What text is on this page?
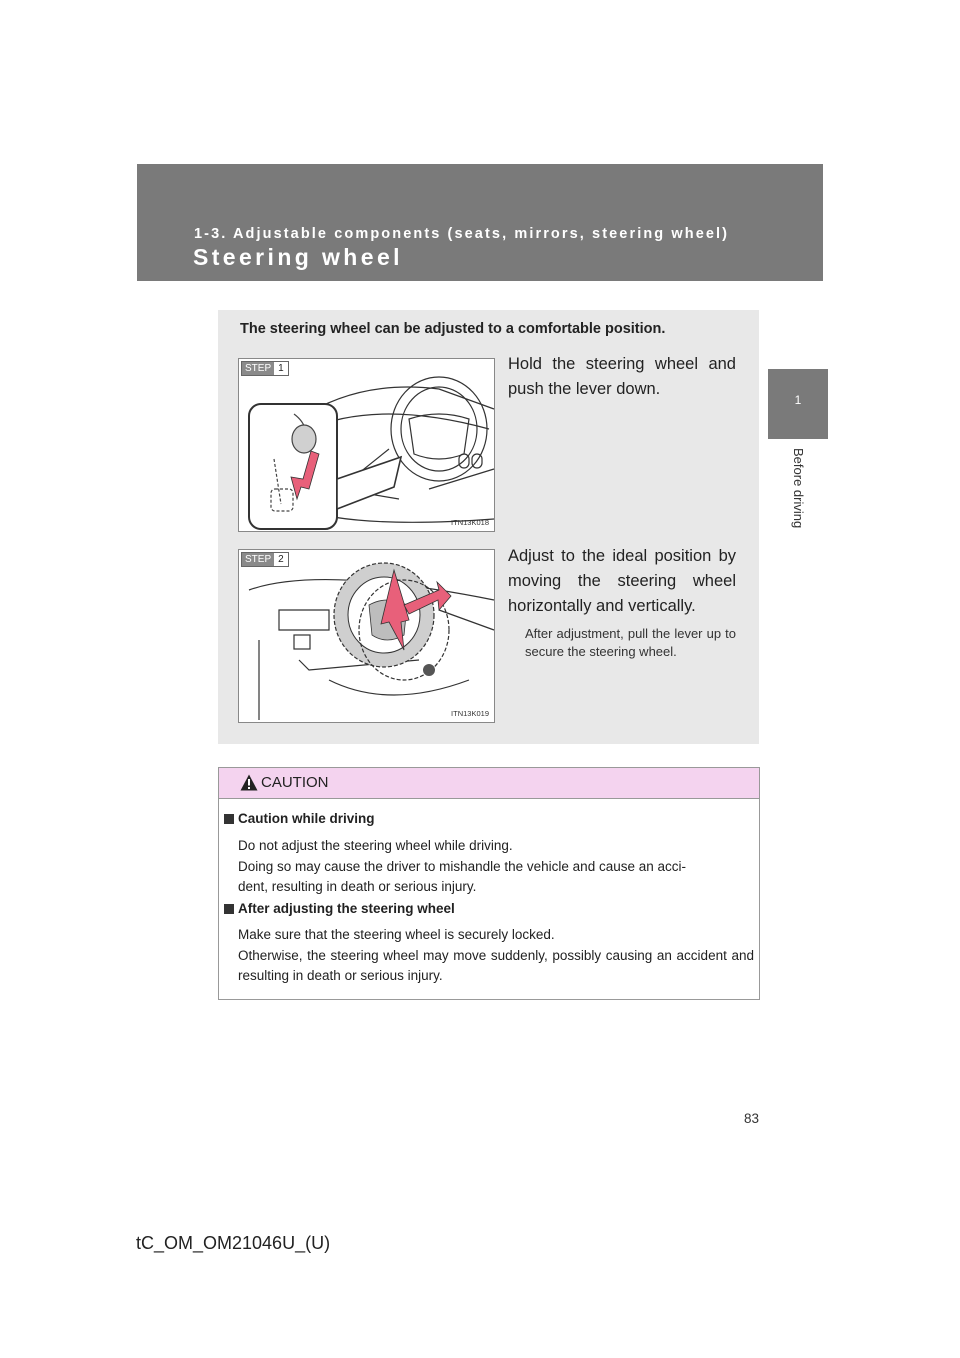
1-3. Adjustable components (seats, mirrors, steering wheel)
Steering wheel
1
Before driving
The steering wheel can be adjusted to a comfortable position.
STEP 1
ITN13K018
Hold the steering wheel and push the lever down.
STEP 2
ITN13K019
Adjust to the ideal position by moving the steering wheel horizontally and vertically.
After adjustment, pull the lever up to secure the steering wheel.
CAUTION
Caution while driving
Do not adjust the steering wheel while driving.
Doing so may cause the driver to mishandle the vehicle and cause an acci-
dent, resulting in death or serious injury.
After adjusting the steering wheel
Make sure that the steering wheel is securely locked.
Otherwise, the steering wheel may move suddenly, possibly causing an accident and resulting in death or serious injury.
83
tC_OM_OM21046U_(U)
